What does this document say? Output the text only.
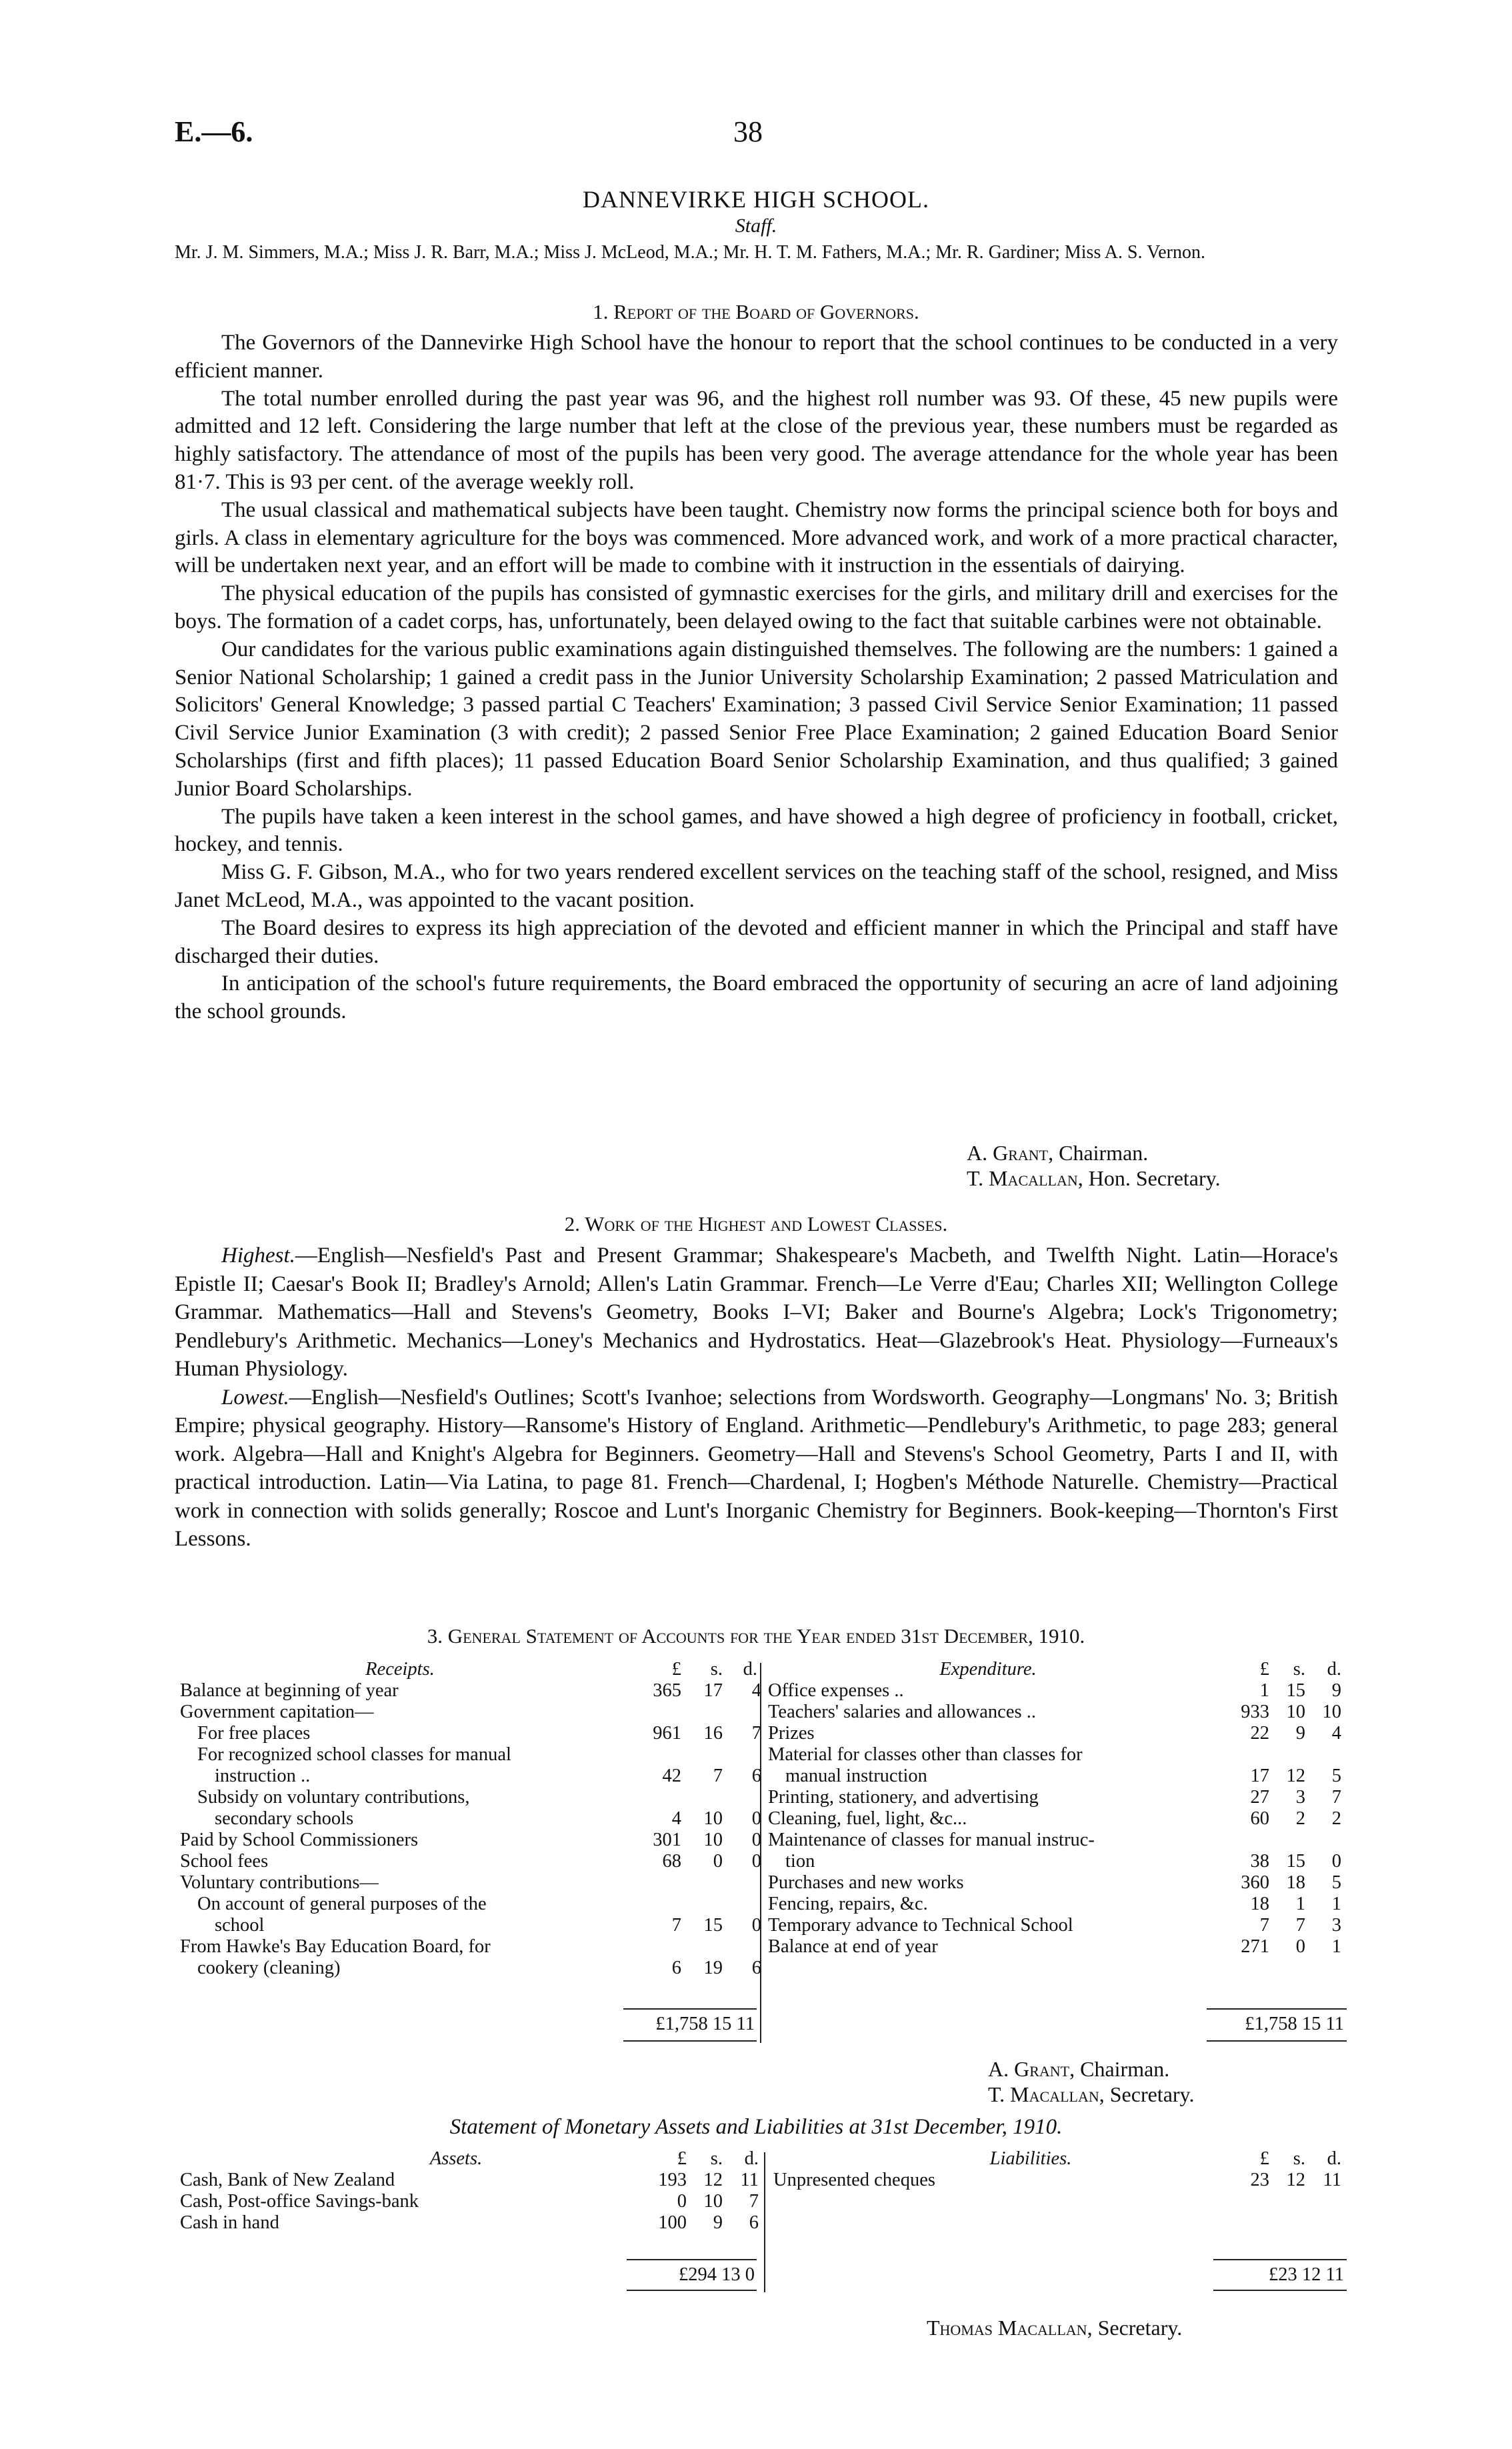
E.—6.	38
DANNEVIRKE HIGH SCHOOL.
Staff.
Mr. J. M. Simmers, M.A.; Miss J. R. Barr, M.A.; Miss J. McLeod, M.A.; Mr. H. T. M. Fathers, M.A.; Mr. R. Gardiner; Miss A. S. Vernon.
1. Report of the Board of Governors.

The Governors of the Dannevirke High School have the honour to report that the school continues to be conducted in a very efficient manner.

The total number enrolled during the past year was 96, and the highest roll number was 93. Of these, 45 new pupils were admitted and 12 left. Considering the large number that left at the close of the previous year, these numbers must be regarded as highly satisfactory. The attendance of most of the pupils has been very good. The average attendance for the whole year has been 81·7. This is 93 per cent. of the average weekly roll.

The usual classical and mathematical subjects have been taught. Chemistry now forms the principal science both for boys and girls. A class in elementary agriculture for the boys was commenced. More advanced work, and work of a more practical character, will be undertaken next year, and an effort will be made to combine with it instruction in the essentials of dairying.

The physical education of the pupils has consisted of gymnastic exercises for the girls, and military drill and exercises for the boys. The formation of a cadet corps, has, unfortunately, been delayed owing to the fact that suitable carbines were not obtainable.

Our candidates for the various public examinations again distinguished themselves. The following are the numbers: 1 gained a Senior National Scholarship; 1 gained a credit pass in the Junior University Scholarship Examination; 2 passed Matriculation and Solicitors' General Knowledge; 3 passed partial C Teachers' Examination; 3 passed Civil Service Senior Examination; 11 passed Civil Service Junior Examination (3 with credit); 2 passed Senior Free Place Examination; 2 gained Education Board Senior Scholarships (first and fifth places); 11 passed Education Board Senior Scholarship Examination, and thus qualified; 3 gained Junior Board Scholarships.

The pupils have taken a keen interest in the school games, and have showed a high degree of proficiency in football, cricket, hockey, and tennis.

Miss G. F. Gibson, M.A., who for two years rendered excellent services on the teaching staff of the school, resigned, and Miss Janet McLeod, M.A., was appointed to the vacant position.

The Board desires to express its high appreciation of the devoted and efficient manner in which the Principal and staff have discharged their duties.

In anticipation of the school's future requirements, the Board embraced the opportunity of securing an acre of land adjoining the school grounds.

A. Grant, Chairman.
T. Macallan, Hon. Secretary.
2. Work of the Highest and Lowest Classes.

Highest.—English—Nesfield's Past and Present Grammar; Shakespeare's Macbeth, and Twelfth Night. Latin—Horace's Epistle II; Caesar's Book II; Bradley's Arnold; Allen's Latin Grammar. French—Le Verre d'Eau; Charles XII; Wellington College Grammar. Mathematics—Hall and Stevens's Geometry, Books I–VI; Baker and Bourne's Algebra; Lock's Trigonometry; Pendlebury's Arithmetic. Mechanics—Loney's Mechanics and Hydrostatics. Heat—Glazebrook's Heat. Physiology—Furneaux's Human Physiology.

Lowest.—English—Nesfield's Outlines; Scott's Ivanhoe; selections from Wordsworth. Geography—Longmans' No. 3; British Empire; physical geography. History—Ransome's History of England. Arithmetic—Pendlebury's Arithmetic, to page 283; general work. Algebra—Hall and Knight's Algebra for Beginners. Geometry—Hall and Stevens's School Geometry, Parts I and II, with practical introduction. Latin—Via Latina, to page 81. French—Chardenal, I; Hogben's Méthode Naturelle. Chemistry—Practical work in connection with solids generally; Roscoe and Lunt's Inorganic Chemistry for Beginners. Book-keeping—Thornton's First Lessons.

3. General Statement of Accounts for the Year ended 31st December, 1910.
Receipts.	£	s.	d.
Balance at beginning of year	365	17	4
Government capitation—			
For free places	961	16	7
For recognized school classes for manual			
instruction ..	42	7	6
Subsidy on voluntary contributions,			
secondary schools	4	10	0
Paid by School Commissioners	301	10	0
School fees	68	0	0
Voluntary contributions—			
On account of general purposes of the			
school	7	15	0
From Hawke's Bay Education Board, for			
cookery (cleaning)	6	19	6
Expenditure.	£	s.	d.
Office expenses ..	1	15	9
Teachers' salaries and allowances ..	933	10	10
Prizes	22	9	4
Material for classes other than classes for			
manual instruction	17	12	5
Printing, stationery, and advertising	27	3	7
Cleaning, fuel, light, &c...	60	2	2
Maintenance of classes for manual instruc-			
tion	38	15	0
Purchases and new works	360	18	5
Fencing, repairs, &c.	18	1	1
Temporary advance to Technical School	7	7	3
Balance at end of year	271	0	1
£1,758 15 11	£1,758 15 11
A. Grant, Chairman.
T. Macallan, Secretary.
Statement of Monetary Assets and Liabilities at 31st December, 1910.
Assets.	£	s.	d.
Cash, Bank of New Zealand	193	12	11
Cash, Post-office Savings-bank	0	10	7
Cash in hand	100	9	6
Liabilities.	£	s.	d.
Unpresented cheques	23	12	11
£294 13 0	£23 12 11
Thomas Macallan, Secretary.
